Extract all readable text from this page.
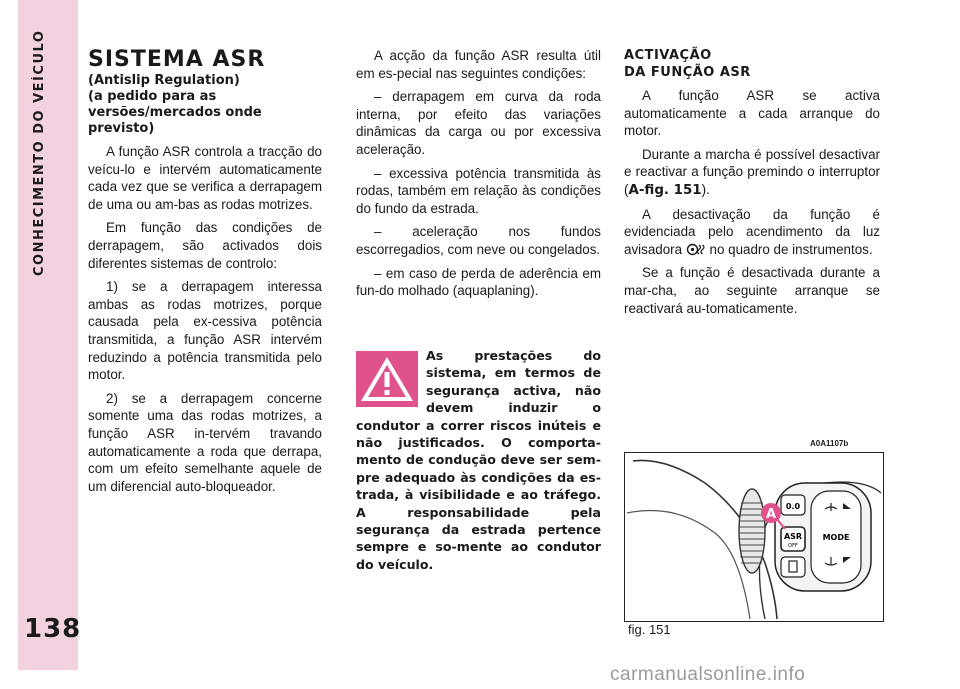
CONHECIMENTO DO VEÍCULO
138
SISTEMA ASR
(Antislip Regulation)
(a pedido para as
versões/mercados onde
previsto)

A função ASR controla a tracção do veícu-lo e intervém automaticamente cada vez que se verifica a derrapagem de uma ou am-bas as rodas motrizes.

Em função das condições de derrapagem, são activados dois diferentes sistemas de controlo:

1) se a derrapagem interessa ambas as rodas motrizes, porque causada pela ex-cessiva potência transmitida, a função ASR intervém reduzindo a potência transmitida pelo motor.

2) se a derrapagem concerne somente uma das rodas motrizes, a função ASR in-tervém travando automaticamente a roda que derrapa, com um efeito semelhante aquele de um diferencial auto-bloqueador.

A acção da função ASR resulta útil em es-pecial nas seguintes condições:

– derrapagem em curva da roda interna, por efeito das variações dinâmicas da carga ou por excessiva aceleração.

– excessiva potência transmitida às rodas, também em relação às condições do fundo da estrada.

– aceleração nos fundos escorregadios, com neve ou congelados.

– em caso de perda de aderência em fun-do molhado (aquaplaning).

As prestações do sistema, em termos de segurança activa, não devem induzir o condutor a correr riscos inúteis e não justificados. O comporta-mento de condução deve ser sem-pre adequado às condições da es-trada, à visibilidade e ao tráfego. A responsabilidade pela segurança da estrada pertence sempre e so-mente ao condutor do veículo.
ACTIVAÇÃO
DA FUNÇÃO ASR

A função ASR se activa automaticamente a cada arranque do motor.

Durante a marcha é possível desactivar e reactivar a função premindo o interruptor (A-fig. 151).

A desactivação da função é evidenciada pelo acendimento da luz avisadora no quadro de instrumentos.

Se a função é desactivada durante a mar-cha, ao seguinte arranque se reactivará au-tomaticamente.

A0A1107b
0.0
ASR
OFF
MODE
A
fig. 151
carmanualsonline.info
